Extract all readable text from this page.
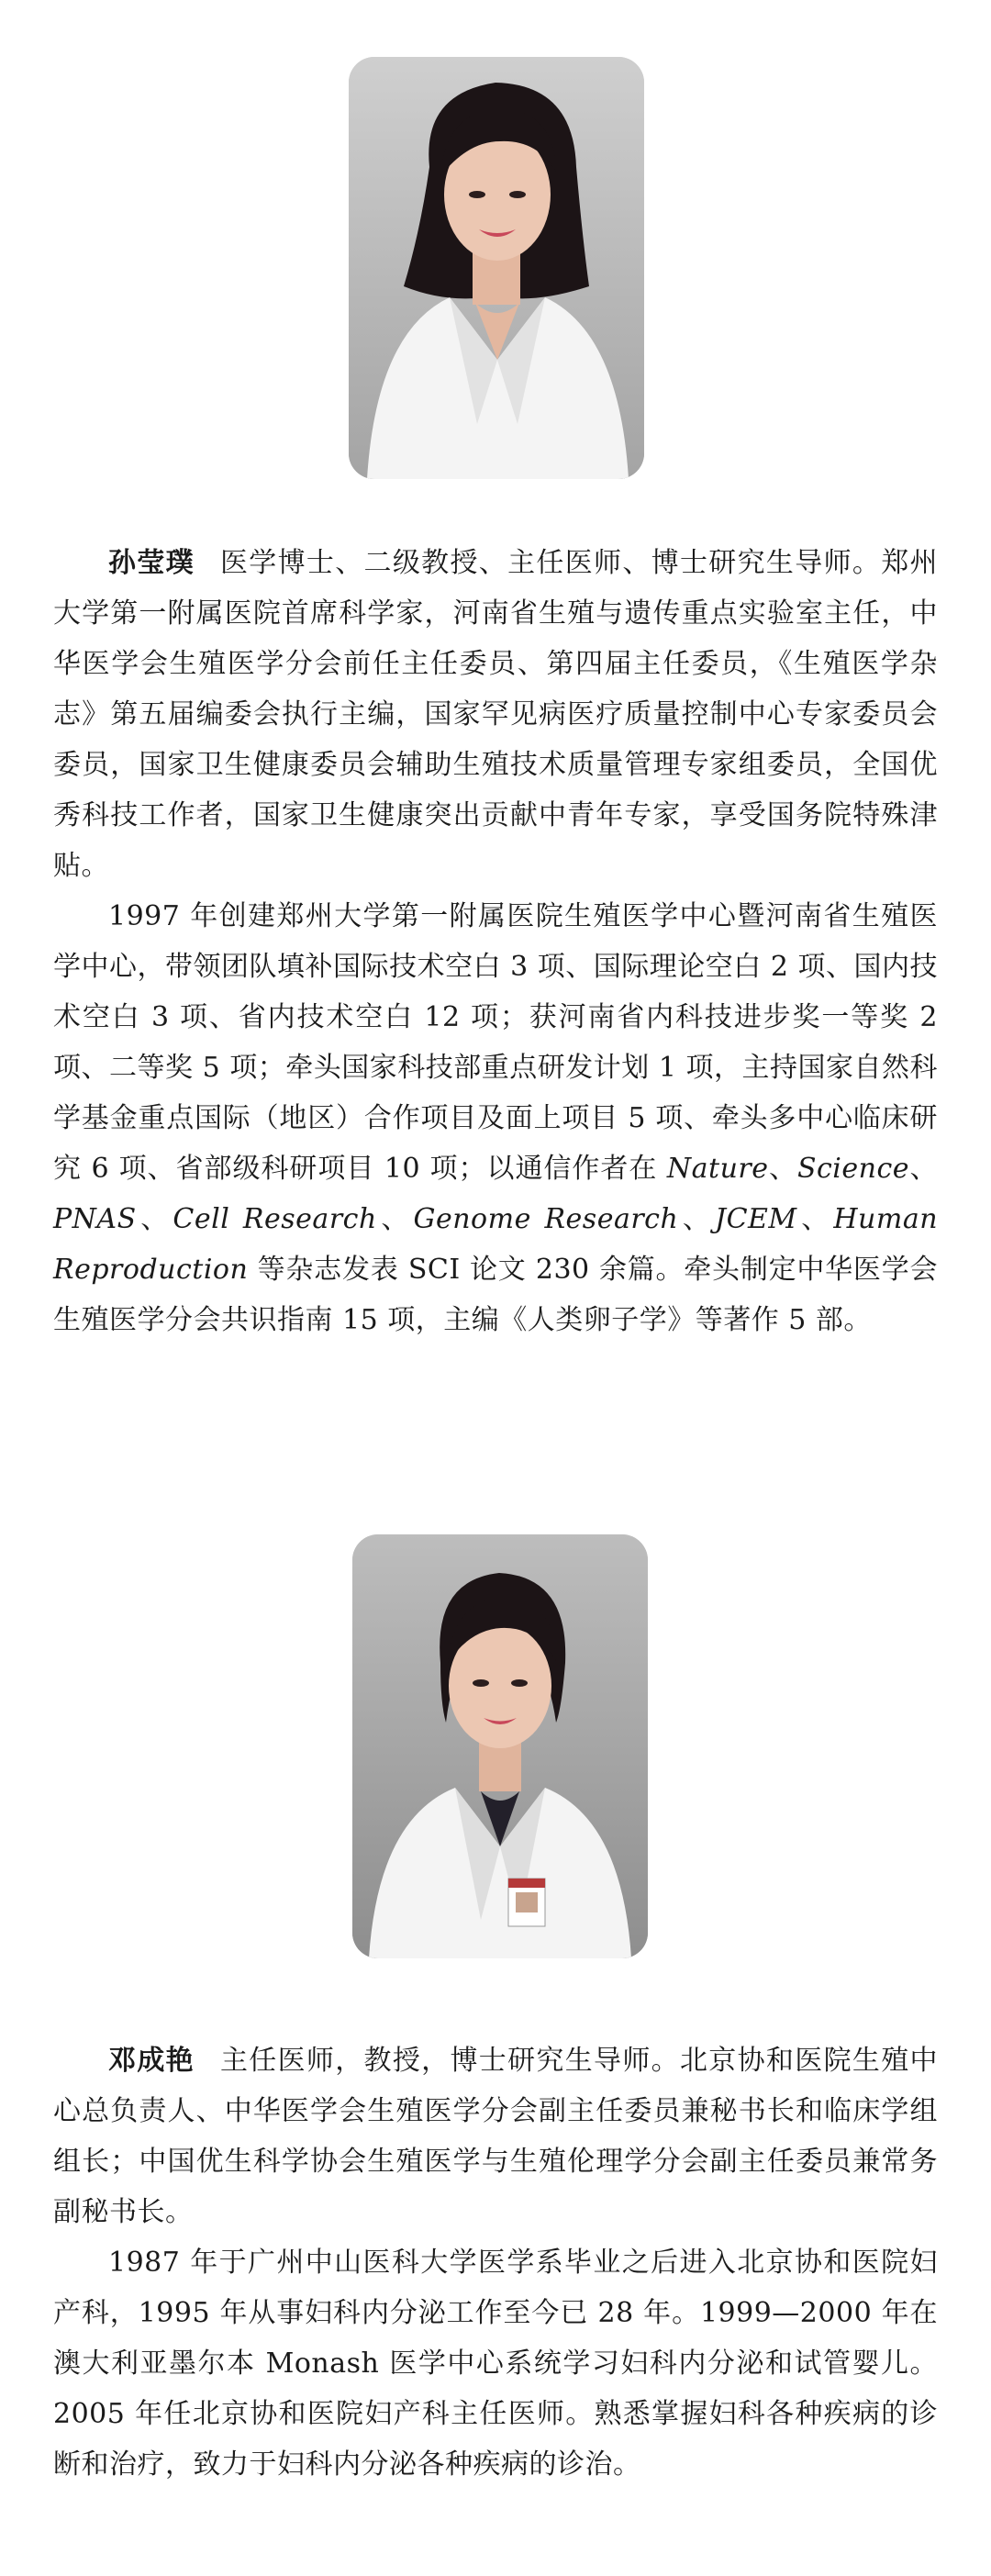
孙莹璞 医学博士、二级教授、主任医师、博士研究生导师。郑州大学第一附属医院首席科学家，河南省生殖与遗传重点实验室主任，中华医学会生殖医学分会前任主任委员、第四届主任委员，《生殖医学杂志》第五届编委会执行主编，国家罕见病医疗质量控制中心专家委员会委员，国家卫生健康委员会辅助生殖技术质量管理专家组委员，全国优秀科技工作者，国家卫生健康突出贡献中青年专家，享受国务院特殊津贴。

1997 年创建郑州大学第一附属医院生殖医学中心暨河南省生殖医学中心，带领团队填补国际技术空白 3 项、国际理论空白 2 项、国内技术空白 3 项、省内技术空白 12 项；获河南省内科技进步奖一等奖 2 项、二等奖 5 项；牵头国家科技部重点研发计划 1 项，主持国家自然科学基金重点国际（地区）合作项目及面上项目 5 项、牵头多中心临床研究 6 项、省部级科研项目 10 项；以通信作者在 Nature、Science、PNAS、Cell Research、Genome Research、JCEM、Human Reproduction 等杂志发表 SCI 论文 230 余篇。牵头制定中华医学会生殖医学分会共识指南 15 项，主编《人类卵子学》等著作 5 部。

邓成艳 主任医师，教授，博士研究生导师。北京协和医院生殖中心总负责人、中华医学会生殖医学分会副主任委员兼秘书长和临床学组组长；中国优生科学协会生殖医学与生殖伦理学分会副主任委员兼常务副秘书长。

1987 年于广州中山医科大学医学系毕业之后进入北京协和医院妇产科，1995 年从事妇科内分泌工作至今已 28 年。1999—2000 年在澳大利亚墨尔本 Monash 医学中心系统学习妇科内分泌和试管婴儿。2005 年任北京协和医院妇产科主任医师。熟悉掌握妇科各种疾病的诊断和治疗，致力于妇科内分泌各种疾病的诊治。
